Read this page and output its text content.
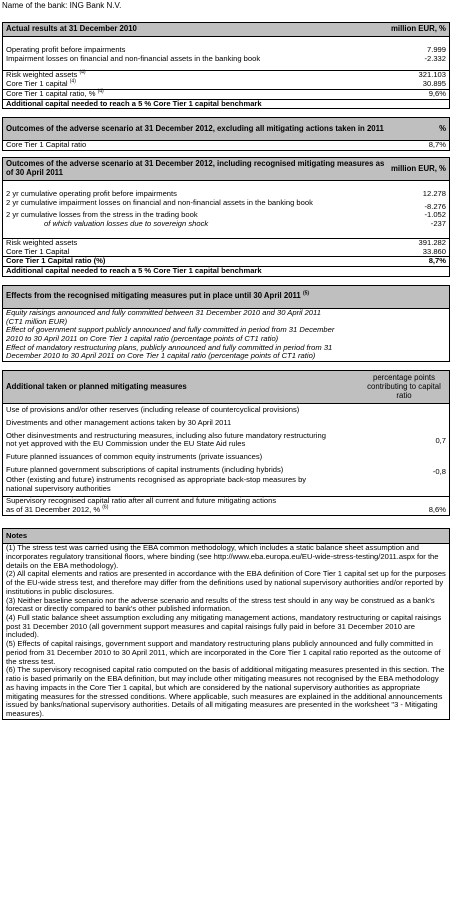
Name of the bank: ING Bank N.V.
Actual results at 31 December 2010	million EUR, %
Operating profit before impairments	7.999
Impairment losses on financial and non-financial assets in the banking book	-2.332
Risk weighted assets $^{(4)}$	321.103
Core Tier 1 capital $^{(4)}$	30.895
Core Tier 1 capital ratio, % $^{(4)}$	9,6%
Additional capital needed to reach a 5 % Core Tier 1 capital benchmark
Outcomes of the adverse scenario at 31 December 2012, excluding all mitigating actions taken in 2011	%
Core Tier 1 Capital ratio	8,7%
Outcomes of the adverse scenario at 31 December 2012, including recognised mitigating measures as of 30 April 2011	million EUR, %
2 yr cumulative operating profit before impairments	12.278
2 yr cumulative impairment losses on financial and non-financial assets in the banking book	-8.276
2 yr cumulative losses from the stress in the trading book	-1.052
of which valuation losses due to sovereign shock	-237
Risk weighted assets	391.282
Core Tier 1 Capital	33.860
Core Tier 1 Capital ratio (%)	8,7%
Additional capital needed to reach a 5 % Core Tier 1 capital benchmark
Effects from the recognised mitigating measures put in place until 30 April 2011 $^{(5)}$
Equity raisings announced and fully committed between 31 December 2010 and 30 April 2011 (CT1 million EUR)
Effect of government support publicly announced and fully committed in period from 31 December 2010 to 30 April 2011 on Core Tier 1 capital ratio (percentage points of CT1 ratio)
Effect of mandatory restructuring plans, publicly announced and fully committed in period from 31 December 2010 to 30 April 2011 on Core Tier 1 capital ratio (percentage points of CT1 ratio)
Additional taken or planned mitigating measures
percentage points contributing to capital ratio
Use of provisions and/or other reserves (including release of countercyclical provisions)
Divestments and other management actions taken by 30 April 2011
Other disinvestments and restructuring measures, including also future mandatory restructuring not yet approved with the EU Commission under the EU State Aid rules	0,7
Future planned issuances of common equity instruments (private issuances)
Future planned government subscriptions of capital instruments (including hybrids)	-0,8
Other (existing and future) instruments recognised as appropriate back-stop measures by national supervisory authorities
Supervisory recognised capital ratio after all current and future mitigating actions as of 31 December 2012, % $^{(6)}$	8,6%
Notes

(1) The stress test was carried using the EBA common methodology, which includes a static balance sheet assumption and incorporates regulatory transitional floors, where binding (see http://www.eba.europa.eu/EU-wide-stress-testing/2011.aspx for the details on the EBA methodology).

(2) All capital elements and ratios are presented in accordance with the EBA definition of Core Tier 1 capital set up for the purposes of the EU-wide stress test, and therefore may differ from the definitions used by national supervisory authorities and/or reported by institutions in public disclosures.

(3) Neither baseline scenario nor the adverse scenario and results of the stress test should in any way be construed as a bank's forecast or directly compared to bank's other published information.

(4) Full static balance sheet assumption excluding any mitigating management actions, mandatory restructuring or capital raisings post 31 December 2010 (all government support measures and capital raisings fully paid in before 31 December 2010 are included).

(5) Effects of capital raisings, government support and mandatory restructuring plans publicly announced and fully committed in period from 31 December 2010 to 30 April 2011, which are incorporated in the Core Tier 1 capital ratio reported as the outcome of the stress test.

(6) The supervisory recognised capital ratio computed on the basis of additional mitigating measures presented in this section. The ratio is based primarily on the EBA definition, but may include other mitigating measures not recognised by the EBA methodology as having impacts in the Core Tier 1 capital, but which are considered by the national supervisory authorities as appropriate mitigating measures for the stressed conditions. Where applicable, such measures are explained in the additional announcements issued by banks/national supervisory authorities. Details of all mitigating measures are presented in the worksheet "3 - Mitigating measures).
